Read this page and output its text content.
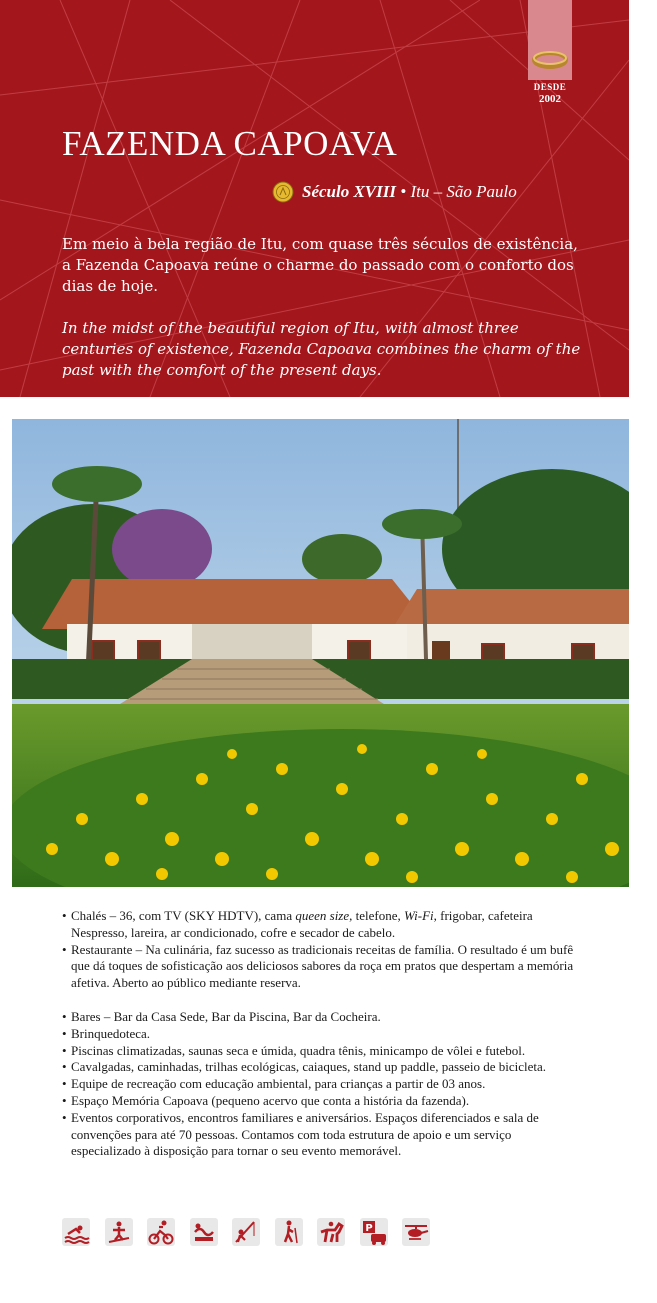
DESDE
2002
FAZENDA CAPOAVA
Século XVIII
• Itu – São Paulo

Em meio à bela região de Itu, com quase três séculos de existência, a Fazenda Capoava reúne o charme do passado com o conforto dos dias de hoje.

In the midst of the beautiful region of Itu, with almost three centuries of existence, Fazenda Capoava combines the charm of the past with the comfort of the present days.

• Chalés – 36, com TV (SKY HDTV), cama queen size, telefone, Wi-Fi, frigobar, cafeteira Nespresso, lareira, ar condicionado, cofre e secador de cabelo.
• Restaurante – Na culinária, faz sucesso as tradicionais receitas de família. O resultado é um bufê que dá toques de sofisticação aos deliciosos sabores da roça em pratos que despertam a memória afetiva. Aberto ao público mediante reserva.
• Bares – Bar da Casa Sede, Bar da Piscina, Bar da Cocheira.
• Brinquedoteca.
• Piscinas climatizadas, saunas seca e úmida, quadra tênis, minicampo de vôlei e futebol.
• Cavalgadas, caminhadas, trilhas ecológicas, caiaques, stand up paddle, passeio de bicicleta.
• Equipe de recreação com educação ambiental, para crianças a partir de 03 anos.
• Espaço Memória Capoava (pequeno acervo que conta a história da fazenda).
• Eventos corporativos, encontros familiares e aniversários. Espaços diferenciados e sala de convenções para até 70 pessoas. Contamos com toda estrutura de apoio e um serviço especializado à disposição para tornar o seu evento memorável.
P
